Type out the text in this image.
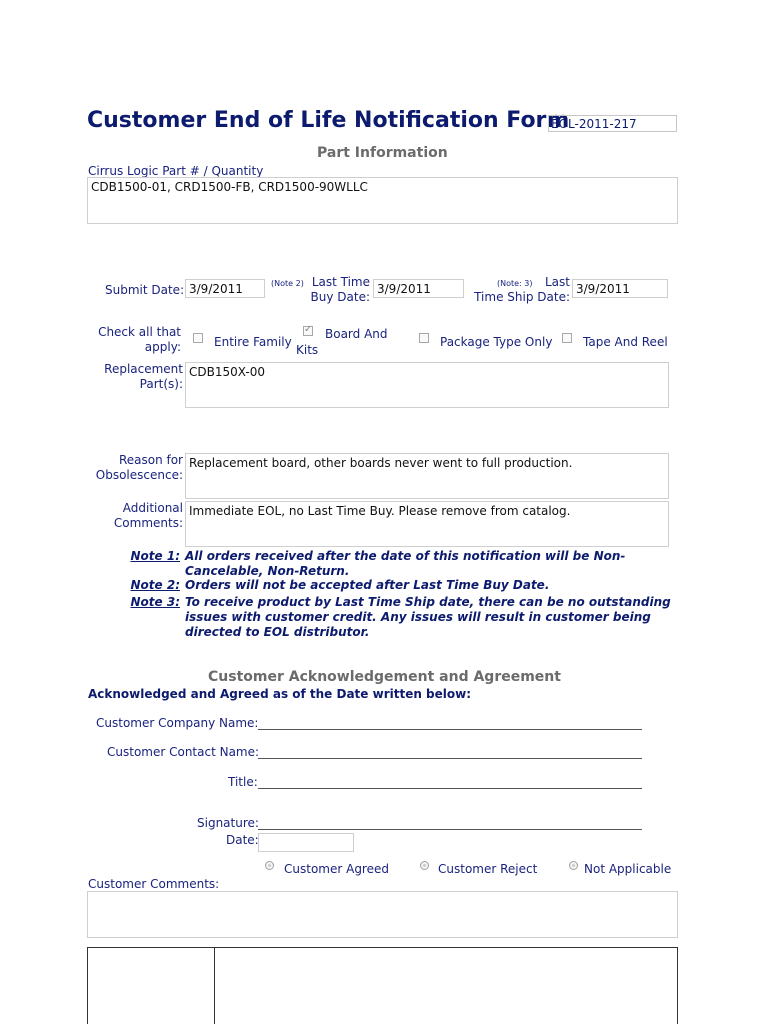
Customer End of Life Notification Form
EOL-2011-217
Part Information
Cirrus Logic Part # / Quantity
CDB1500-01, CRD1500-FB, CRD1500-90WLLC
Submit Date: 3/9/2011	(Note 2) Last Time
Buy Date:
3/9/2011	(Note: 3)	Last
Time Ship Date:
3/9/2011
Check all that
apply:	Entire Family
✓
Board And
Kits
Package Type Only	Tape And Reel
Replacement
Part(s):
CDB150X-00
Reason for
Obsolescence:
Replacement board, other boards never went to full production.
Additional
Comments:
Immediate EOL, no Last Time Buy. Please remove from catalog.
Note 1: All orders received after the date of this notification will be Non-
Cancelable, Non-Return.
Note 2: Orders will not be accepted after Last Time Buy Date.
Note 3: To receive product by Last Time Ship date, there can be no outstanding
issues with customer credit. Any issues will result in customer being
directed to EOL distributor.
Customer Acknowledgement and Agreement
Acknowledged and Agreed as of the Date written below:
Customer Company Name:
Customer Contact Name:
Title:
Signature:
Date:
Customer Agreed	Customer Reject	Not Applicable
Customer Comments:
